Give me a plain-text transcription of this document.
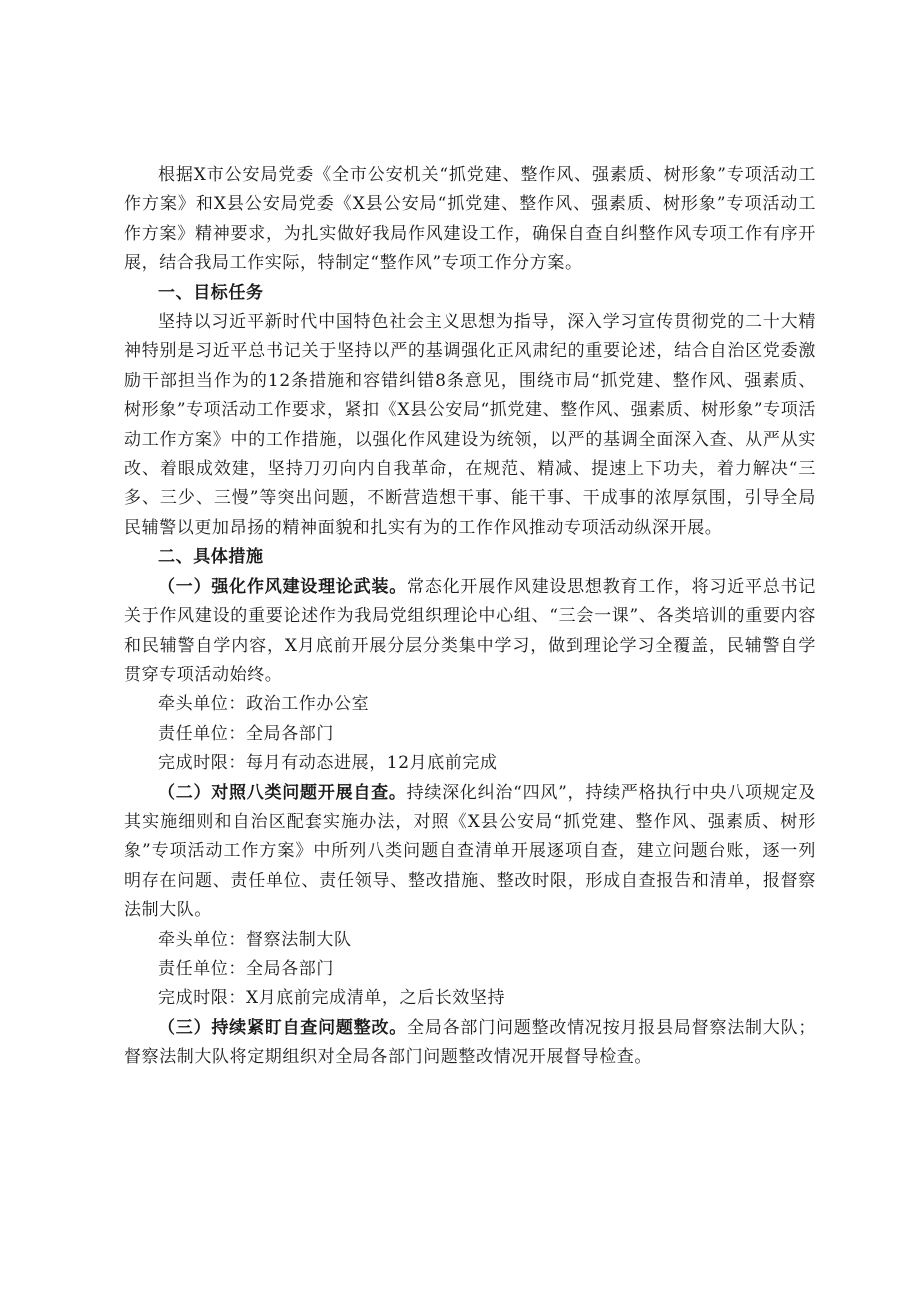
根据X市公安局党委《全市公安机关“抓党建、整作风、强素质、树形象”专项活动工作方案》和X县公安局党委《X县公安局“抓党建、整作风、强素质、树形象”专项活动工作方案》精神要求，为扎实做好我局作风建设工作，确保自查自纠整作风专项工作有序开展，结合我局工作实际，特制定“整作风”专项工作分方案。

一、目标任务

坚持以习近平新时代中国特色社会主义思想为指导，深入学习宣传贯彻党的二十大精神特别是习近平总书记关于坚持以严的基调强化正风肃纪的重要论述，结合自治区党委激励干部担当作为的12条措施和容错纠错8条意见，围绕市局“抓党建、整作风、强素质、树形象”专项活动工作要求，紧扣《X县公安局“抓党建、整作风、强素质、树形象”专项活动工作方案》中的工作措施，以强化作风建设为统领，以严的基调全面深入查、从严从实改、着眼成效建，坚持刀刃向内自我革命，在规范、精减、提速上下功夫，着力解决“三多、三少、三慢”等突出问题，不断营造想干事、能干事、干成事的浓厚氛围，引导全局民辅警以更加昂扬的精神面貌和扎实有为的工作作风推动专项活动纵深开展。

二、具体措施

（一）强化作风建设理论武装。常态化开展作风建设思想教育工作，将习近平总书记关于作风建设的重要论述作为我局党组织理论中心组、“三会一课”、各类培训的重要内容和民辅警自学内容，X月底前开展分层分类集中学习，做到理论学习全覆盖，民辅警自学贯穿专项活动始终。

牵头单位：政治工作办公室

责任单位：全局各部门

完成时限：每月有动态进展，12月底前完成

（二）对照八类问题开展自查。持续深化纠治“四风”，持续严格执行中央八项规定及其实施细则和自治区配套实施办法，对照《X县公安局“抓党建、整作风、强素质、树形象”专项活动工作方案》中所列八类问题自查清单开展逐项自查，建立问题台账，逐一列明存在问题、责任单位、责任领导、整改措施、整改时限，形成自查报告和清单，报督察法制大队。

牵头单位：督察法制大队

责任单位：全局各部门

完成时限：X月底前完成清单，之后长效坚持

（三）持续紧盯自查问题整改。全局各部门问题整改情况按月报县局督察法制大队；督察法制大队将定期组织对全局各部门问题整改情况开展督导检查。
